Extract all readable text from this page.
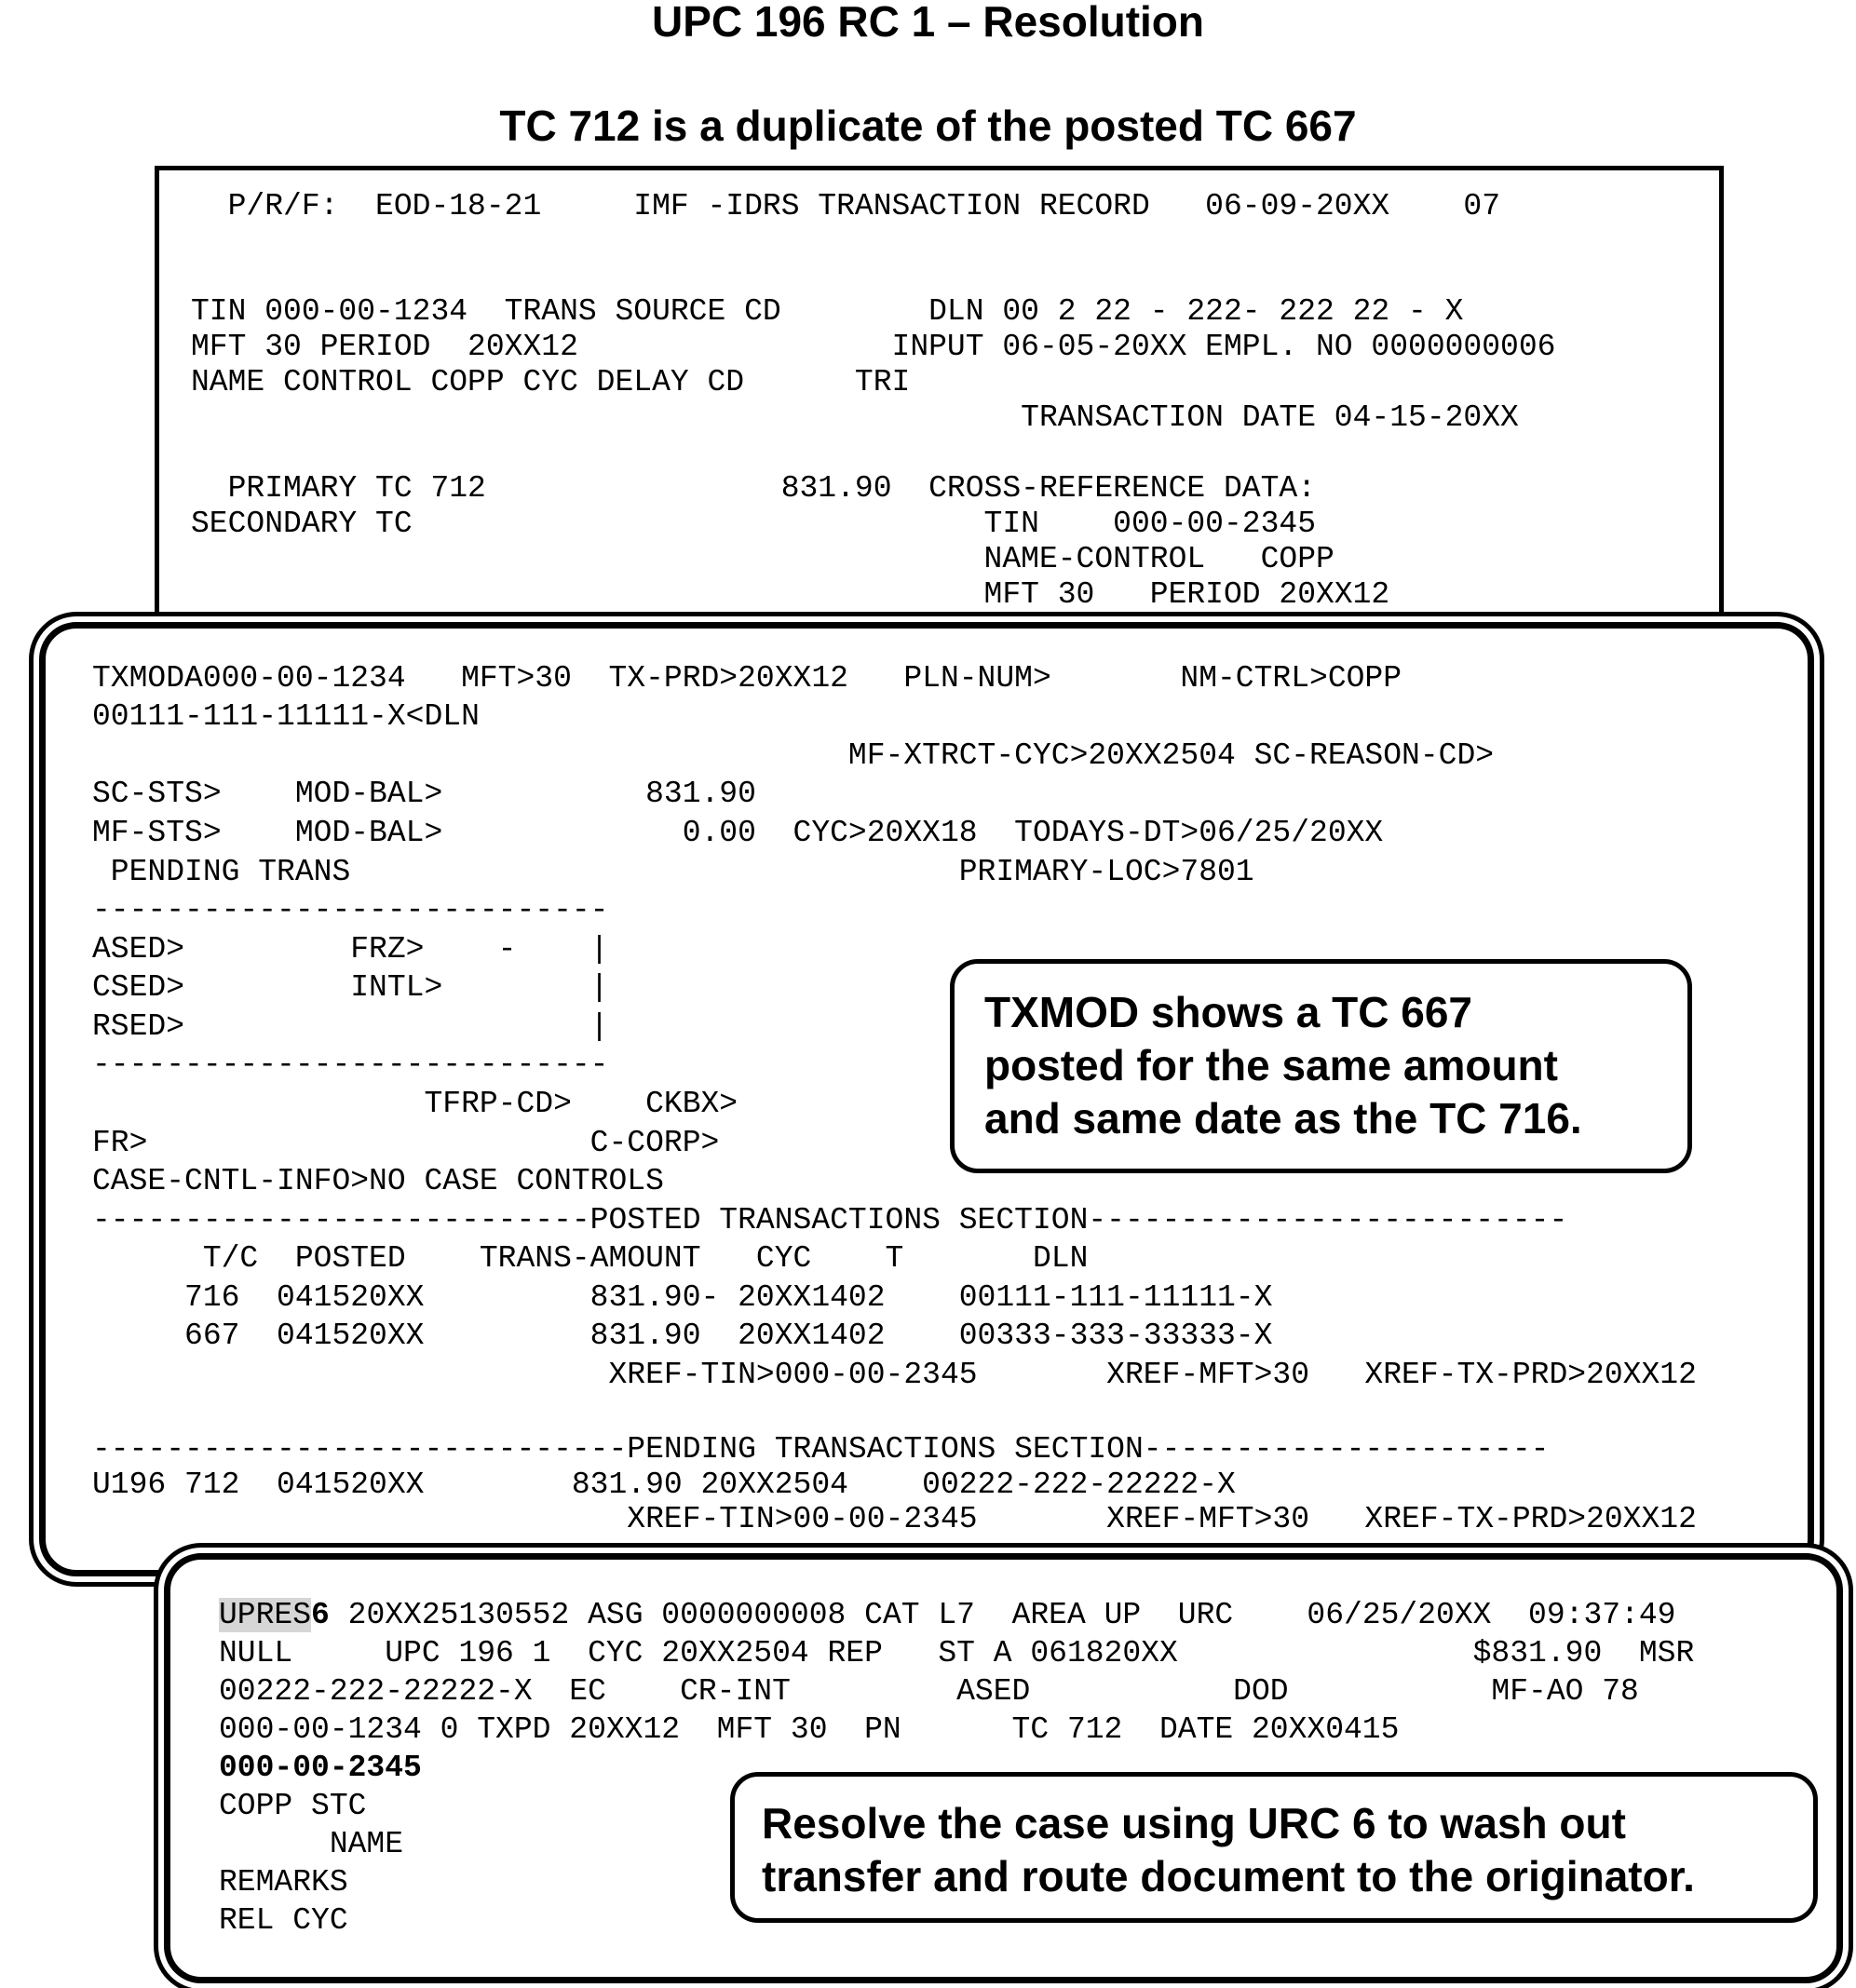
UPC 196 RC 1 – Resolution
TC 712 is a duplicate of the posted TC 667
P/R/F:  EOD-18-21     IMF -IDRS TRANSACTION RECORD   06-09-20XX    07
TIN 000-00-1234  TRANS SOURCE CD        DLN 00 2 22 - 222- 222 22 - X
MFT 30 PERIOD  20XX12                 INPUT 06-05-20XX EMPL. NO 0000000006
NAME CONTROL COPP CYC DELAY CD      TRI
TRANSACTION DATE 04-15-20XX
PRIMARY TC 712                831.90  CROSS-REFERENCE DATA:
SECONDARY TC                               TIN    000-00-2345
NAME-CONTROL   COPP
MFT 30   PERIOD 20XX12
TXMODA000-00-1234   MFT>30  TX-PRD>20XX12   PLN-NUM>       NM-CTRL>COPP
00111-111-11111-X<DLN
MF-XTRCT-CYC>20XX2504 SC-REASON-CD>
SC-STS>    MOD-BAL>           831.90
MF-STS>    MOD-BAL>             0.00  CYC>20XX18  TODAYS-DT>06/25/20XX
PENDING TRANS                                 PRIMARY-LOC>7801
----------------------------
ASED>         FRZ>    -    |
CSED>         INTL>        |
RSED>                      |
----------------------------
TFRP-CD>    CKBX>
FR>                        C-CORP>
CASE-CNTL-INFO>NO CASE CONTROLS
---------------------------POSTED TRANSACTIONS SECTION--------------------------
T/C  POSTED    TRANS-AMOUNT   CYC    T       DLN
716  041520XX         831.90- 20XX1402    00111-111-11111-X
667  041520XX         831.90  20XX1402    00333-333-33333-X
XREF-TIN>000-00-2345       XREF-MFT>30   XREF-TX-PRD>20XX12
-----------------------------PENDING TRANSACTIONS SECTION----------------------
U196 712  041520XX        831.90 20XX2504    00222-222-22222-X
XREF-TIN>00-00-2345       XREF-MFT>30   XREF-TX-PRD>20XX12
UPRES6 20XX25130552 ASG 0000000008 CAT L7  AREA UP  URC    06/25/20XX  09:37:49
NULL     UPC 196 1  CYC 20XX2504 REP   ST A 061820XX                $831.90  MSR
00222-222-22222-X  EC    CR-INT         ASED           DOD           MF-AO 78
000-00-1234 0 TXPD 20XX12  MFT 30  PN      TC 712  DATE 20XX0415
000-00-2345
COPP STC
NAME
REMARKS
REL CYC
TXMOD shows a TC 667
posted for the same amount
and same date as the TC 716.
Resolve the case using URC 6 to wash out
transfer and route document to the originator.
